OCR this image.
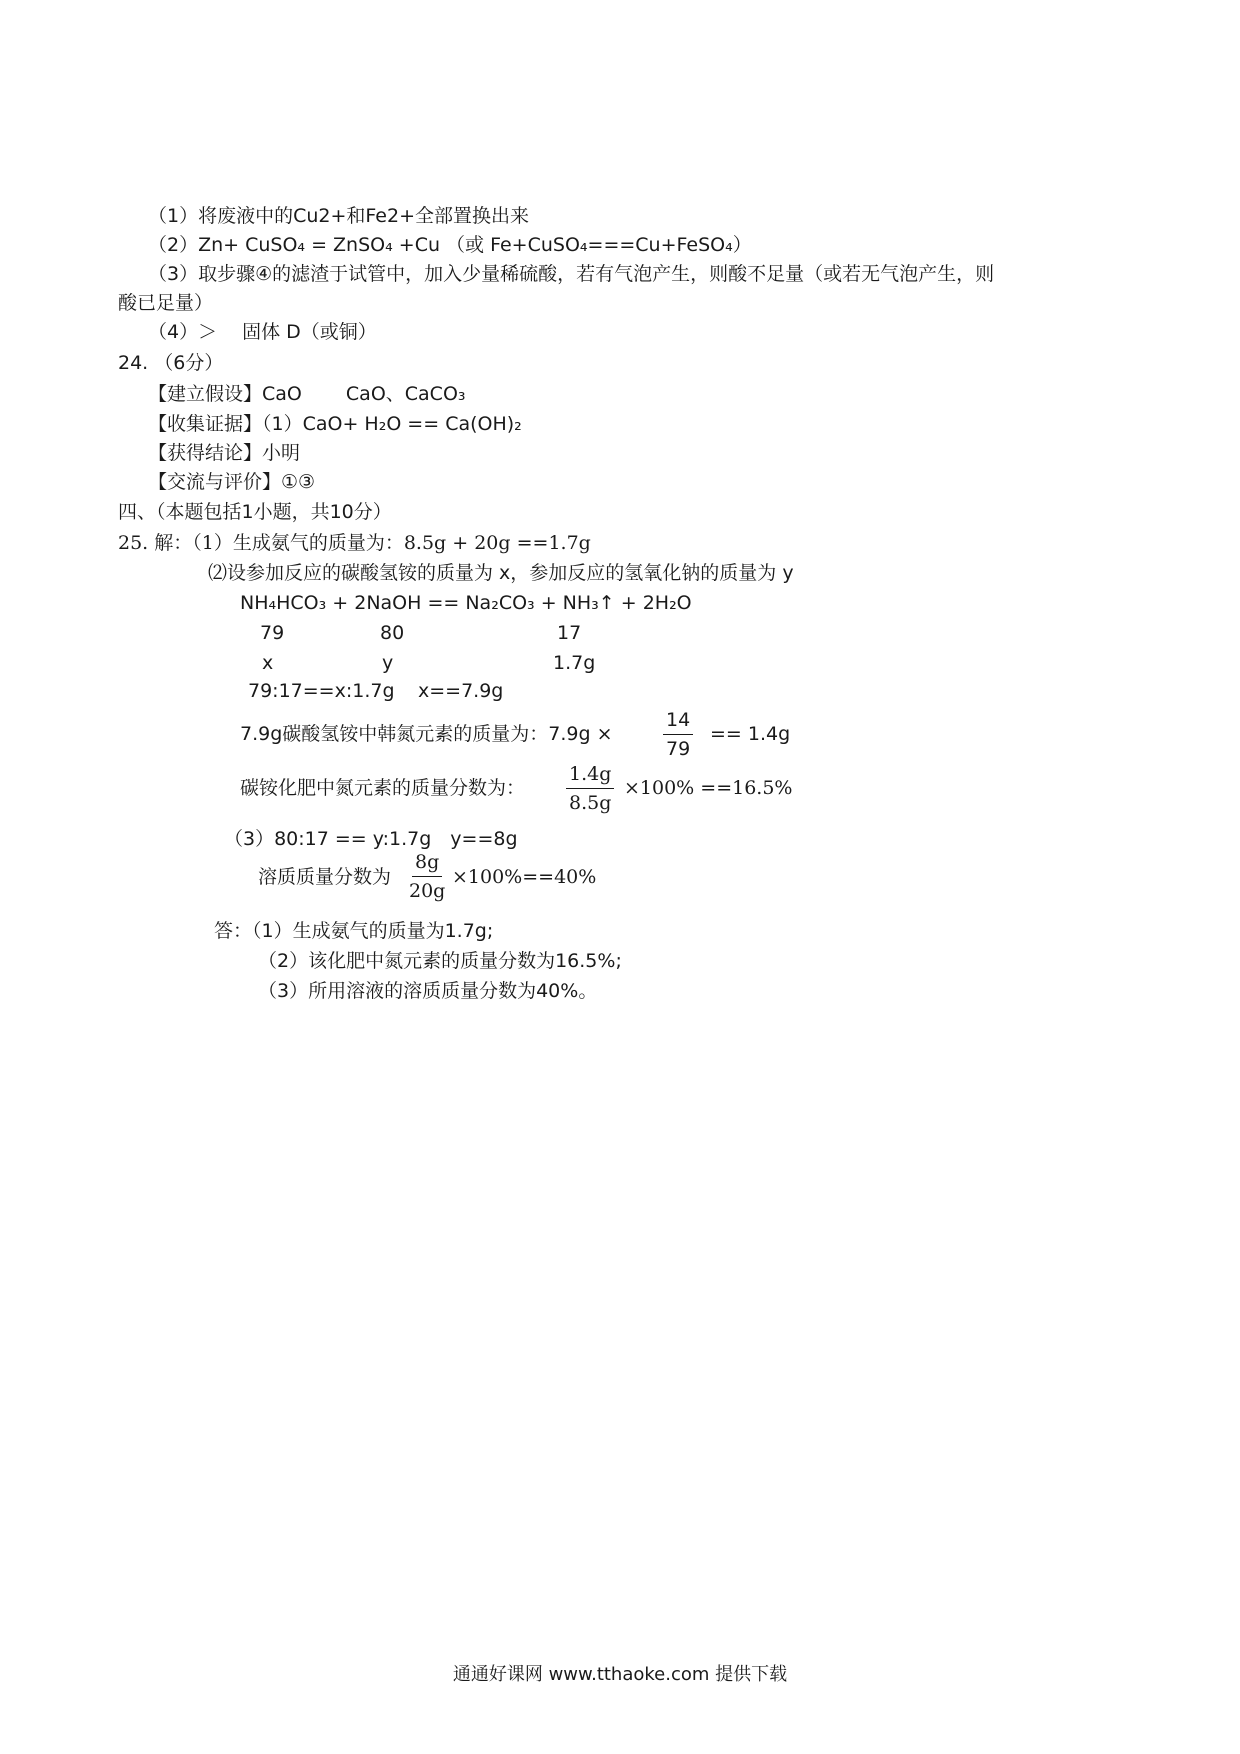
（1）将废液中的Cu2+和Fe2+全部置换出来
（2）Zn+ CuSO₄ = ZnSO₄ +Cu （或 Fe+CuSO₄===Cu+FeSO₄）
（3）取步骤④的滤渣于试管中，加入少量稀硫酸，若有气泡产生，则酸不足量（或若无气泡产生，则
酸已足量）
（4）＞　 固体 D（或铜）
24. （6分）
【建立假设】CaO　　 CaO、CaCO₃
【收集证据】（1）CaO+ H₂O == Ca(OH)₂
【获得结论】小明
【交流与评价】①③
四、（本题包括1小题，共10分）
25. 解：（1）生成氨气的质量为：8.5g + 20g ==1.7g
⑵设参加反应的碳酸氢铵的质量为 x，参加反应的氢氧化钠的质量为 y
NH₄HCO₃ + 2NaOH == Na₂CO₃ + NH₃↑ + 2H₂O
79	80	17
x	y	1.7g
79:17==x:1.7g x==7.9g
7.9g碳酸氢铵中韩氮元素的质量为：7.9g ×	$\frac{14}{79} == 1.4g$
碳铵化肥中氮元素的质量分数为： $\frac{1.4g}{8.5g} \times 100\% ==16.5\%$
（3）80:17 == y:1.7g　y==8g
溶质质量分数为 $\frac{8g}{20g} \times 100\%==40\%$
答：（1）生成氨气的质量为1.7g;
（2）该化肥中氮元素的质量分数为16.5%;
（3）所用溶液的溶质质量分数为40%。
通通好课网 www.tthaoke.com 提供下载
